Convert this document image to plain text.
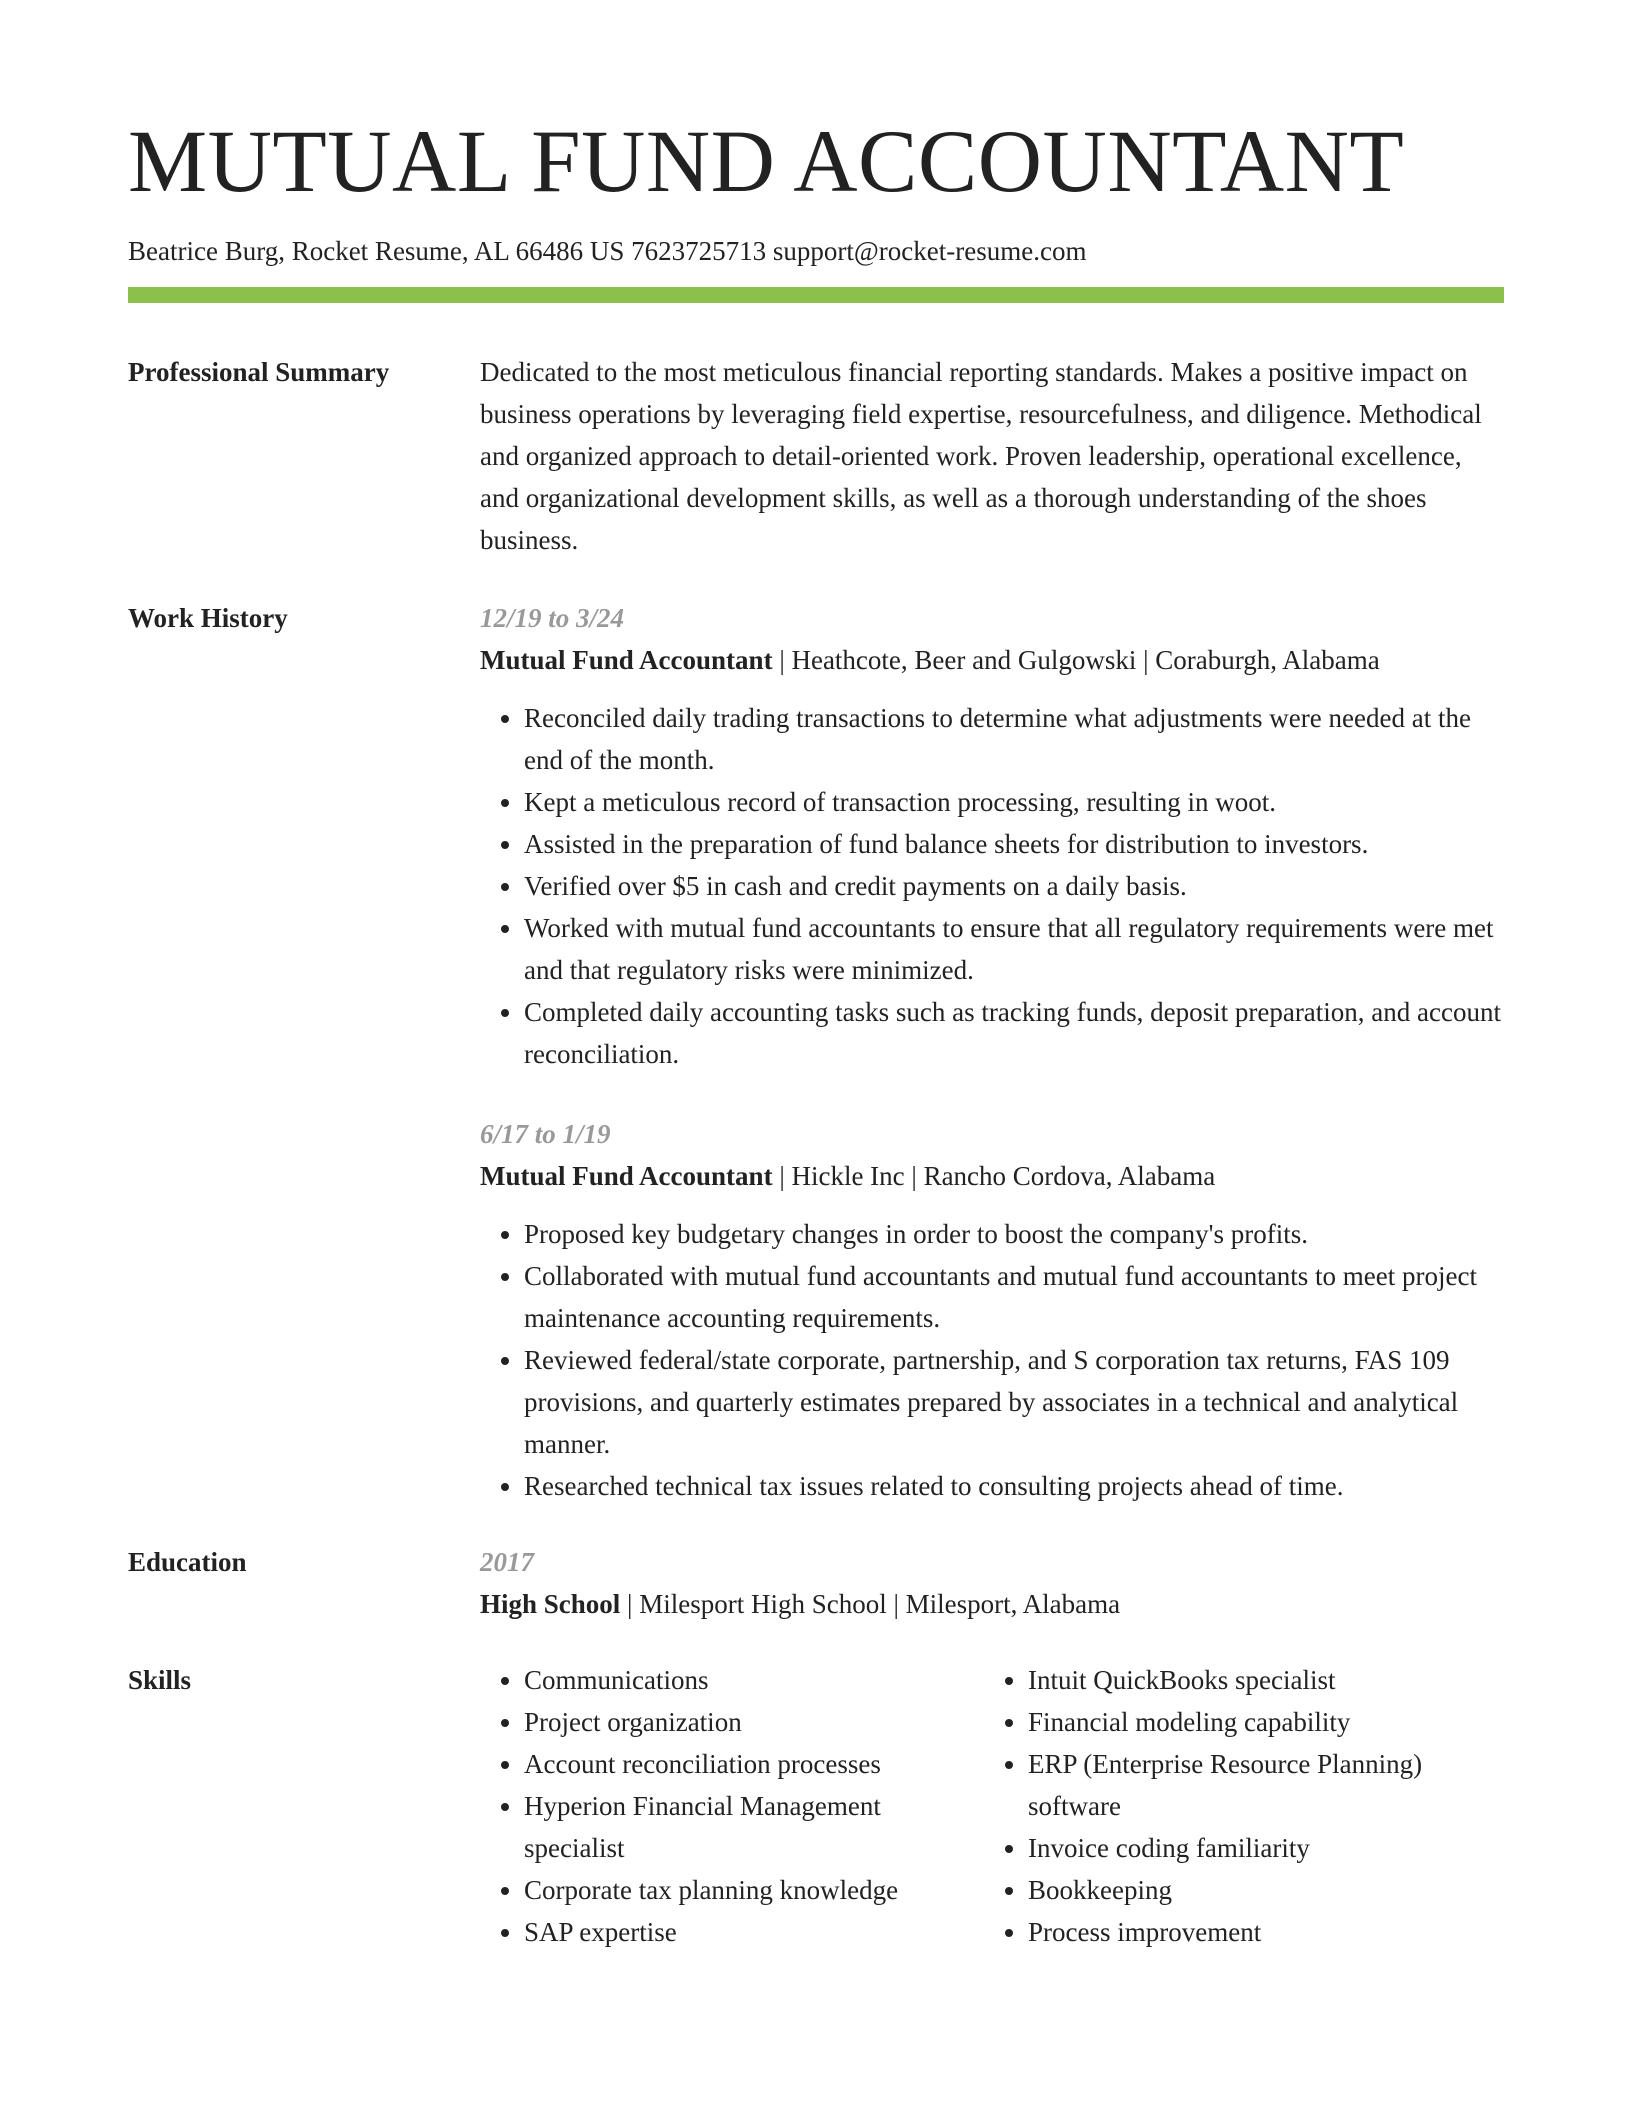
MUTUAL FUND ACCOUNTANT
Beatrice Burg, Rocket Resume, AL 66486 US 7623725713 support@rocket-resume.com
Professional Summary	Dedicated to the most meticulous financial reporting standards. Makes a positive impact on business operations by leveraging field expertise, resourcefulness, and diligence. Methodical and organized approach to detail-oriented work. Proven leadership, operational excellence, and organizational development skills, as well as a thorough understanding of the shoes business.

Work History	12/19 to 3/24
Mutual Fund Accountant | Heathcote, Beer and Gulgowski | Coraburgh, Alabama
• Reconciled daily trading transactions to determine what adjustments were needed at the end of the month.
• Kept a meticulous record of transaction processing, resulting in woot.
• Assisted in the preparation of fund balance sheets for distribution to investors.
• Verified over $5 in cash and credit payments on a daily basis.
• Worked with mutual fund accountants to ensure that all regulatory requirements were met and that regulatory risks were minimized.
• Completed daily accounting tasks such as tracking funds, deposit preparation, and account reconciliation.
6/17 to 1/19
Mutual Fund Accountant | Hickle Inc | Rancho Cordova, Alabama
• Proposed key budgetary changes in order to boost the company's profits.
• Collaborated with mutual fund accountants and mutual fund accountants to meet project maintenance accounting requirements.
• Reviewed federal/state corporate, partnership, and S corporation tax returns, FAS 109 provisions, and quarterly estimates prepared by associates in a technical and analytical manner.
• Researched technical tax issues related to consulting projects ahead of time.
Education	2017
High School | Milesport High School | Milesport, Alabama
Skills
•	Communications
• Project organization
• Account reconciliation processes
• Hyperion Financial Management specialist
• Corporate tax planning knowledge
• SAP expertise
• Intuit QuickBooks specialist
• Financial modeling capability
• ERP (Enterprise Resource Planning) software
• Invoice coding familiarity
• Bookkeeping
• Process improvement
